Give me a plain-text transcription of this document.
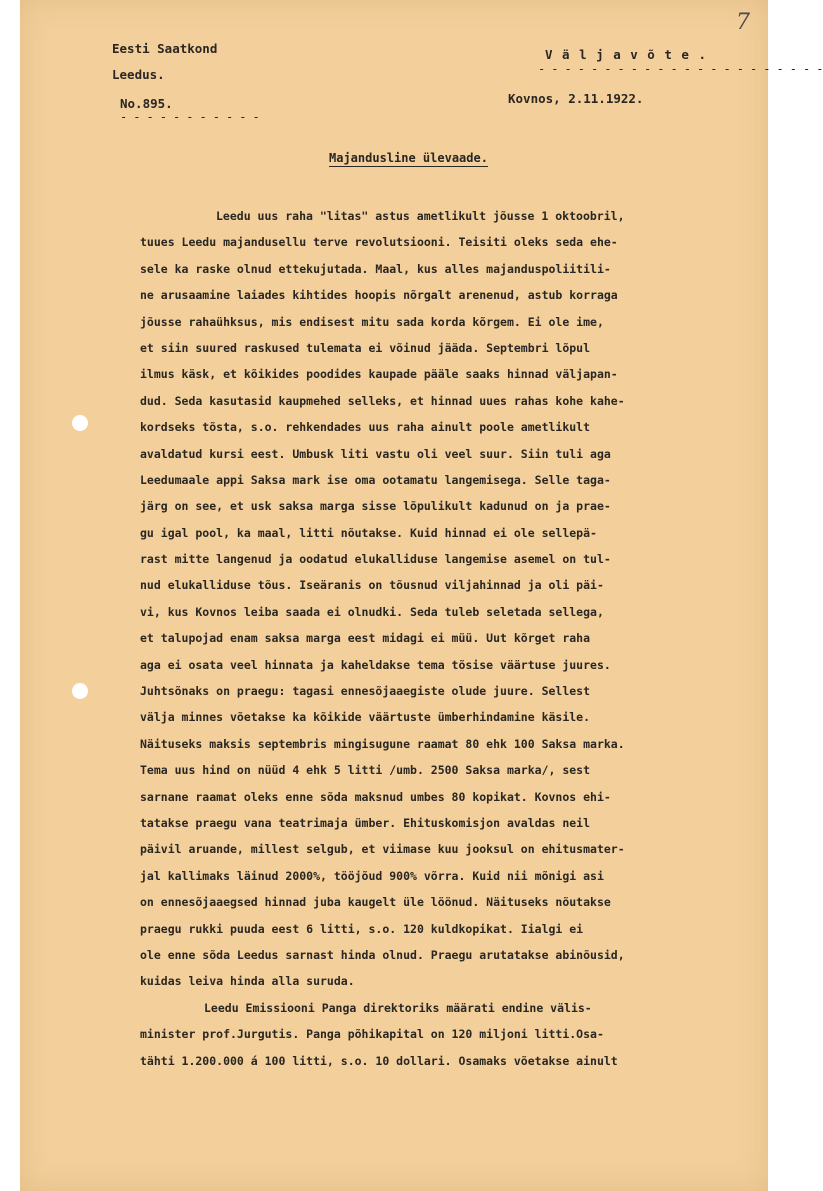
7
Eesti Saatkond
Leedus.
No.895.
- - - - - - - - - - -
V ä l j a v õ t e .
- - - - - - - - - - - - - - - - - - - - - -
Kovnos, 2.11.1922.
Majandusline ülevaade.
Leedu uus raha "litas" astus ametlikult jõusse 1 oktoobril,
tuues Leedu majandusellu terve revolutsiooni. Teisiti oleks seda ehe-
sele ka raske olnud ettekujutada. Maal, kus alles majanduspoliitili-
ne arusaamine laiades kihtides hoopis nõrgalt arenenud, astub korraga
jõusse rahaühksus, mis endisest mitu sada korda kõrgem. Ei ole ime,
et siin suured raskused tulemata ei võinud jääda. Septembri lõpul
ilmus käsk, et kõikides poodides kaupade pääle saaks hinnad väljapan-
dud. Seda kasutasid kaupmehed selleks, et hinnad uues rahas kohe kahe-
kordseks tõsta, s.o. rehkendades uus raha ainult poole ametlikult
avaldatud kursi eest. Umbusk liti vastu oli veel suur. Siin tuli aga
Leedumaale appi Saksa mark ise oma ootamatu langemisega. Selle taga-
järg on see, et usk saksa marga sisse lõpulikult kadunud on ja prae-
gu igal pool, ka maal, litti nõutakse. Kuid hinnad ei ole sellepä-
rast mitte langenud ja oodatud elukalliduse langemise asemel on tul-
nud elukalliduse tõus. Iseäranis on tõusnud viljahinnad ja oli päi-
vi, kus Kovnos leiba saada ei olnudki. Seda tuleb seletada sellega,
et talupojad enam saksa marga eest midagi ei müü. Uut kõrget raha
aga ei osata veel hinnata ja kaheldakse tema tõsise väärtuse juures.
Juhtsõnaks on praegu: tagasi ennesõjaaegiste olude juure. Sellest
välja minnes võetakse ka kõikide väärtuste ümberhindamine käsile.
Näituseks maksis septembris mingisugune raamat 80 ehk 100 Saksa marka.
Tema uus hind on nüüd 4 ehk 5 litti /umb. 2500 Saksa marka/, sest
sarnane raamat oleks enne sõda maksnud umbes 80 kopikat. Kovnos ehi-
tatakse praegu vana teatrimaja ümber. Ehituskomisjon avaldas neil
päivil aruande, millest selgub, et viimase kuu jooksul on ehitusmater-
jal kallimaks läinud 2000%, tööjõud 900% võrra. Kuid nii mõnigi asi
on ennesõjaaegsed hinnad juba kaugelt üle löönud. Näituseks nõutakse
praegu rukki puuda eest 6 litti, s.o. 120 kuldkopikat. Iialgi ei
ole enne sõda Leedus sarnast hinda olnud. Praegu arutatakse abinõusid,
kuidas leiva hinda alla suruda.
Leedu Emissiooni Panga direktoriks määrati endine välis-
minister prof.Jurgutis. Panga põhikapital on 120 miljoni litti.Osa-
tähti 1.200.000 á 100 litti, s.o. 10 dollari. Osamaks võetakse ainult
